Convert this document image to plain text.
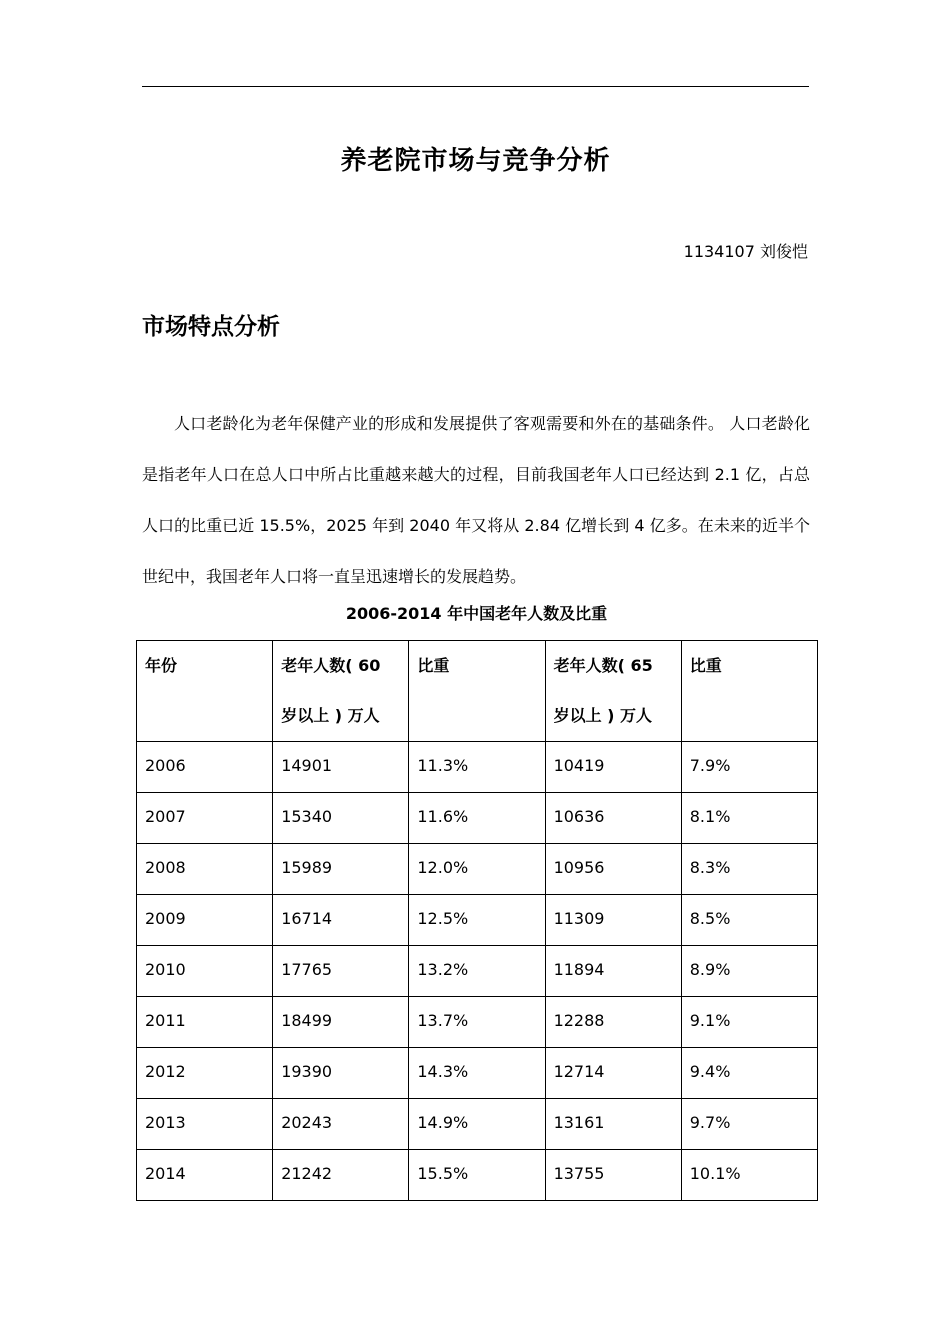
养老院市场与竞争分析
1134107 刘俊恺
市场特点分析

人口老龄化为老年保健产业的形成和发展提供了客观需要和外在的基础条件。 人口老龄化是指老年人口在总人口中所占比重越来越大的过程，目前我国老年人口已经达到 2.1 亿，占总人口的比重已近 15.5%，2025 年到 2040 年又将从 2.84 亿增长到 4 亿多。在未来的近半个世纪中，我国老年人口将一直呈迅速增长的发展趋势。

2006-2014 年中国老年人数及比重
年份	老年人数( 60 岁以上 ) 万人	比重	老年人数( 65 岁以上 ) 万人	比重
2006	14901	11.3%	10419	7.9%
2007	15340	11.6%	10636	8.1%
2008	15989	12.0%	10956	8.3%
2009	16714	12.5%	11309	8.5%
2010	17765	13.2%	11894	8.9%
2011	18499	13.7%	12288	9.1%
2012	19390	14.3%	12714	9.4%
2013	20243	14.9%	13161	9.7%
2014	21242	15.5%	13755	10.1%
